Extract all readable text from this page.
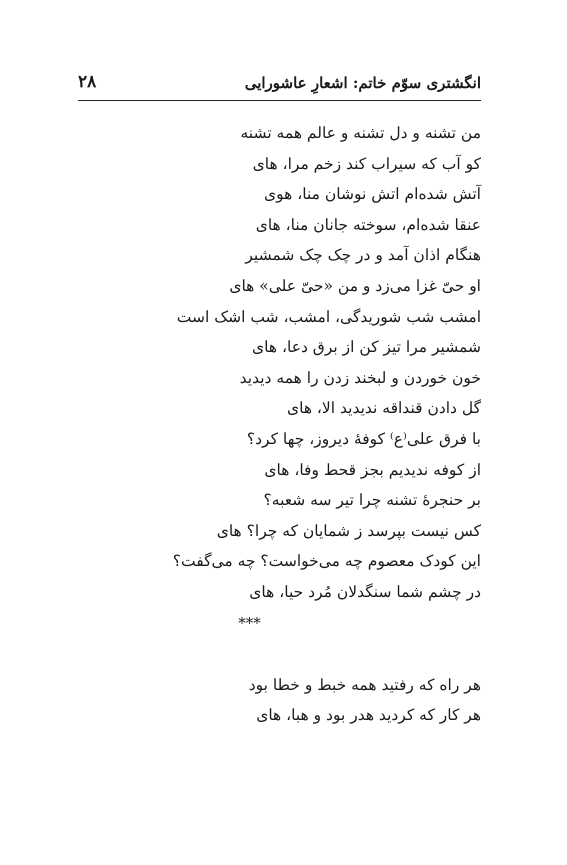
انگشتری سوّم خاتم: اشعارِ عاشورایی
۲۸
من تشنه و دل تشنه و عالم همه تشنه
کو آب که سیراب کند زخم مرا، های
آتش شده‌ام اتش نوشان منا، هوی
عنقا شده‌ام، سوخته جانان منا، های
هنگام اذان آمد و در چک چک شمشیر
او حیّ غزا می‌زد و من «حیّ علی» های
امشب شب شوریدگی، امشب، شب اشک است
شمشیر مرا تیز کن از برق دعا، های
خون خوردن و لبخند زدن را همه دیدید
گل دادن قنداقه ندیدید الا، های
با فرق علی⁽ع⁾ کوفهٔ دیروز، چها کرد؟
از کوفه ندیدیم بجز قحط وفا، های
بر حنجرهٔ تشنه چرا تیر سه شعبه؟
کس نیست بپرسد ز شمایان که چرا؟ های
این کودک معصوم چه می‌خواست؟ چه می‌گفت؟
در چشم شما سنگدلان مُرد حیا، های
***
هر راه که رفتید همه خبط و خطا بود
هر کار که کردید هدر بود و هبا، های
